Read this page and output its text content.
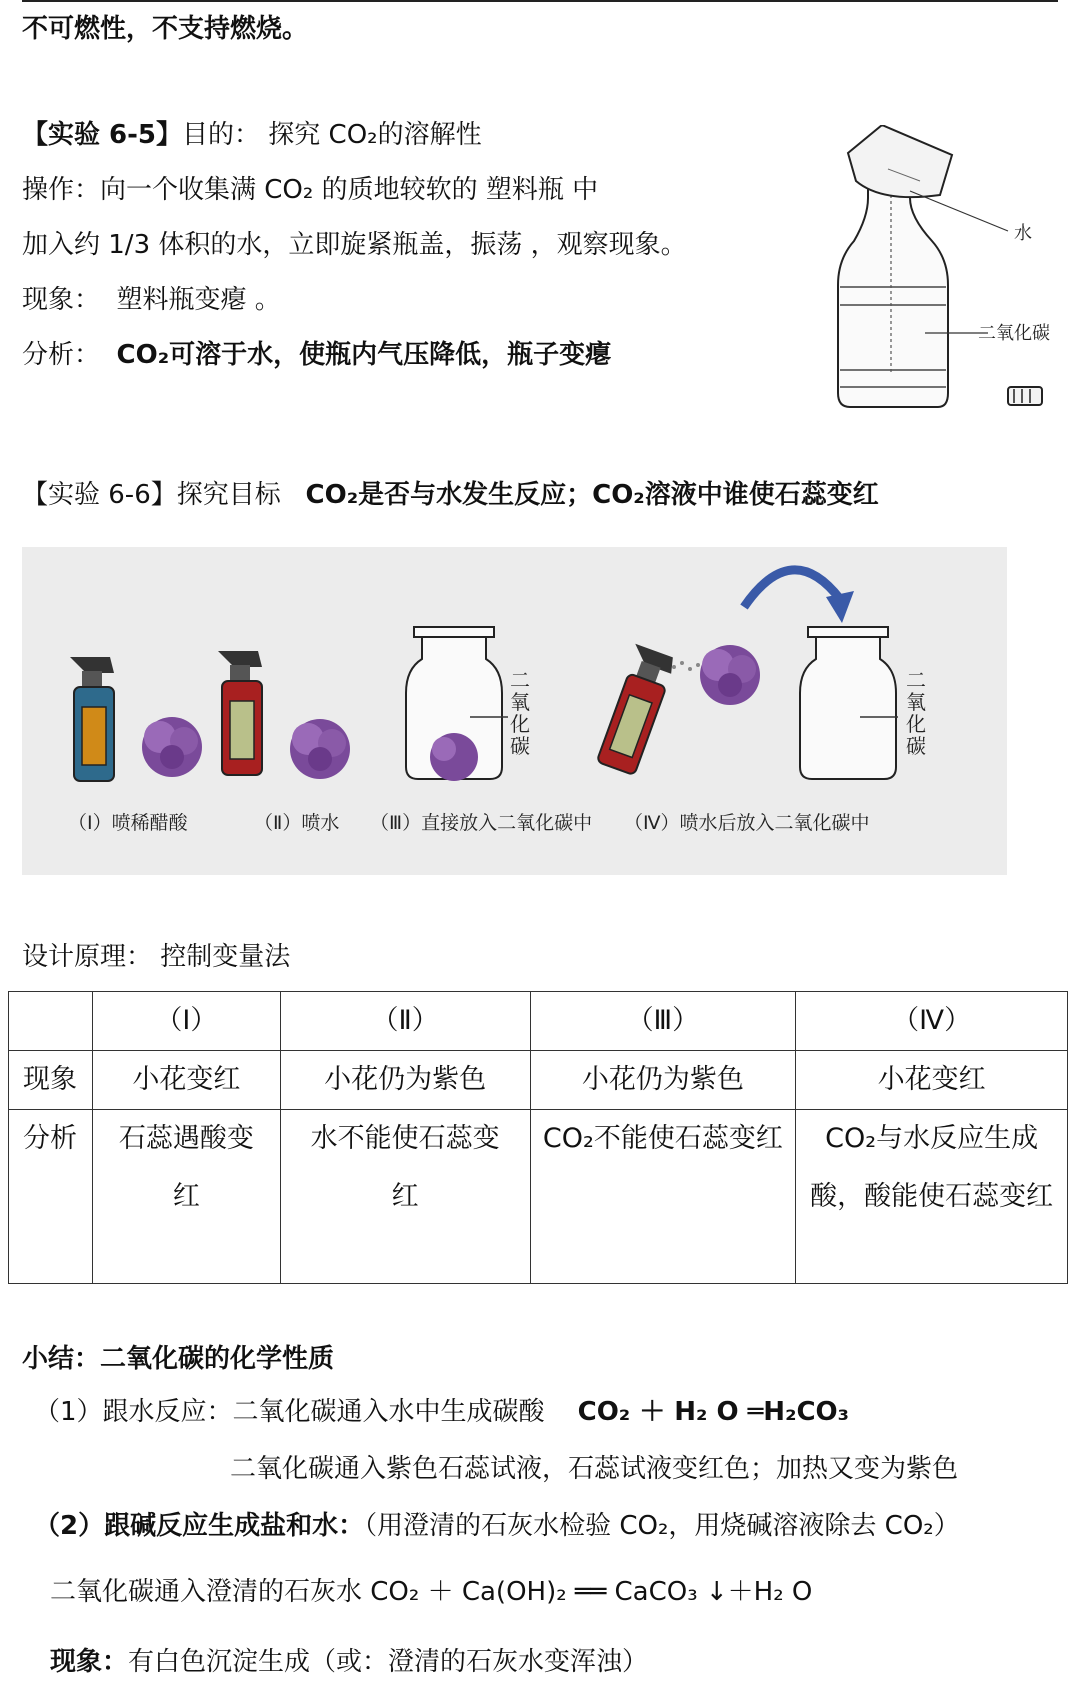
不可燃性，不支持燃烧。
【实验 6-5】目的： 探究 CO₂的溶解性
操作：向一个收集满 CO₂ 的质地较软的 塑料瓶 中
加入约 1/3 体积的水，立即旋紧瓶盖，振荡 ，观察现象。
现象： 塑料瓶变瘪 。
分析： CO₂可溶于水，使瓶内气压降低，瓶子变瘪
水
二氧化碳
【实验 6-6】探究目标 CO₂是否与水发生反应；CO₂溶液中谁使石蕊变红
二 氧 化 碳
二 氧 化 碳
（Ⅰ）喷稀醋酸	（Ⅱ）喷水 （Ⅲ）直接放入二氧化碳中 （Ⅳ）喷水后放入二氧化碳中
设计原理： 控制变量法
	（Ⅰ）	（Ⅱ）	（Ⅲ）	（Ⅳ）
现象	小花变红	小花仍为紫色	小花仍为紫色	小花变红
分析	石蕊遇酸变红	水不能使石蕊变红	CO₂不能使石蕊变红	CO₂与水反应生成酸，酸能使石蕊变红
小结：二氧化碳的化学性质
（1）跟水反应：二氧化碳通入水中生成碳酸 CO₂ ＋ H₂ O ═H₂CO₃
二氧化碳通入紫色石蕊试液，石蕊试液变红色；加热又变为紫色
（2）跟碱反应生成盐和水：（用澄清的石灰水检验 CO₂，用烧碱溶液除去 CO₂）
二氧化碳通入澄清的石灰水 CO₂ ＋ Ca(OH)₂ ══ CaCO₃ ↓＋H₂ O
现象：有白色沉淀生成（或：澄清的石灰水变浑浊）
